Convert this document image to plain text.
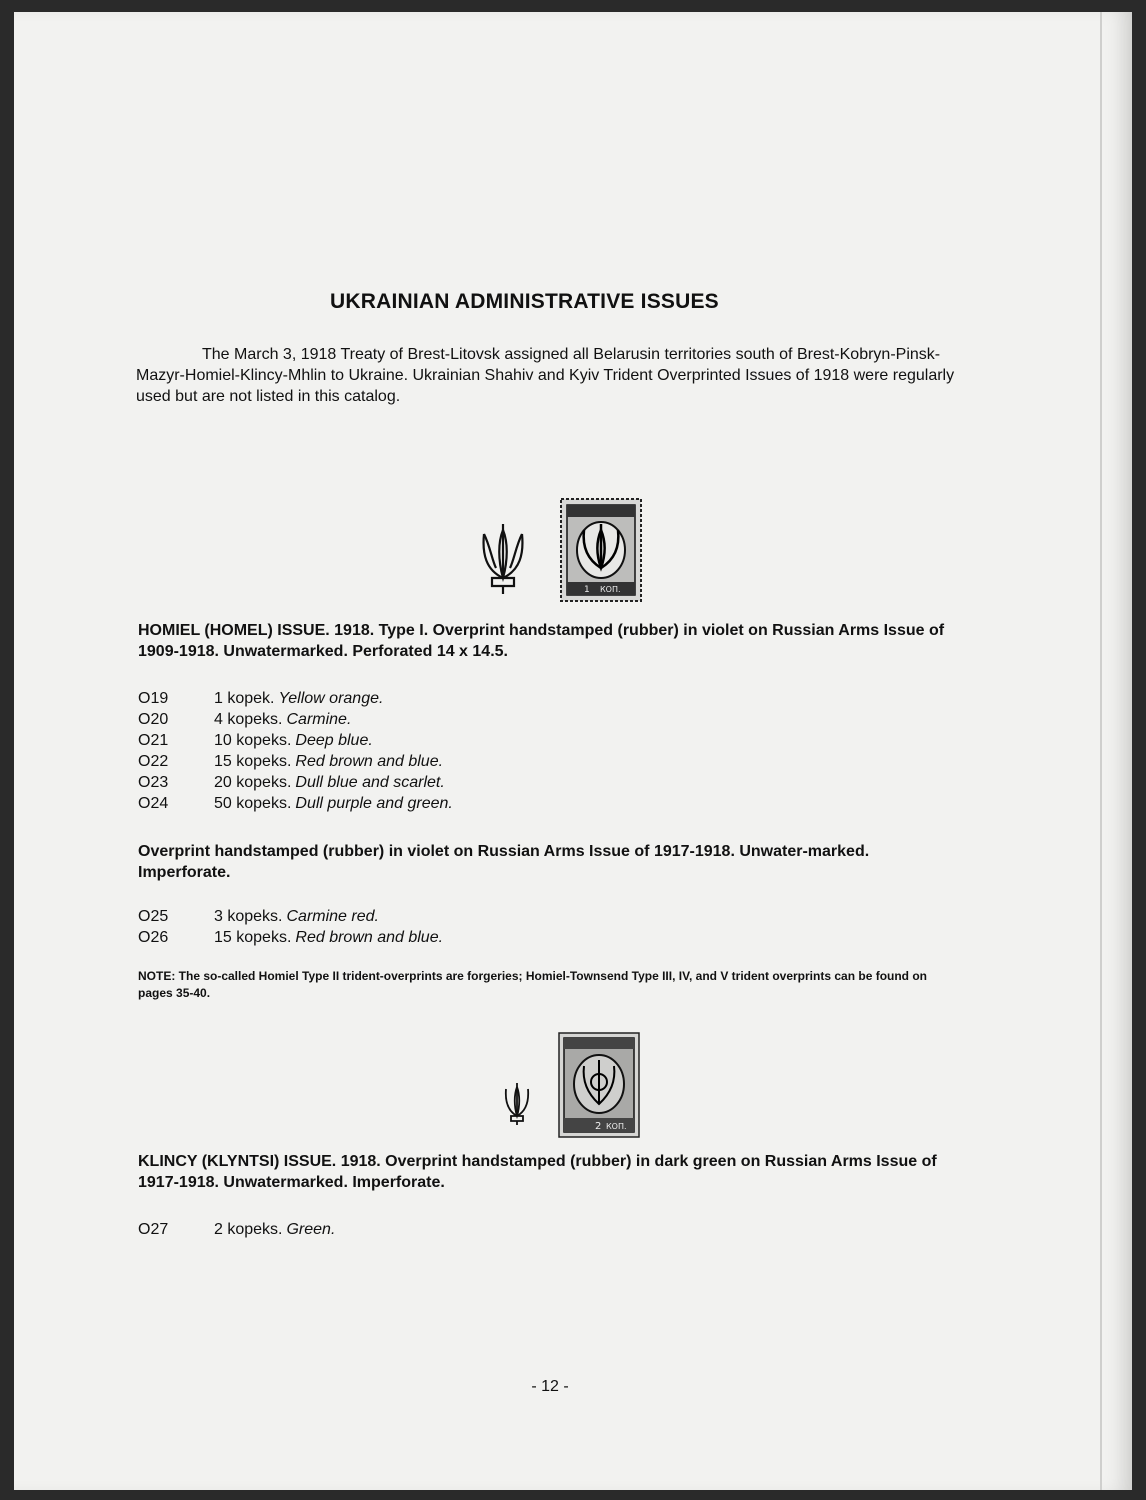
UKRAINIAN ADMINISTRATIVE ISSUES

The March 3, 1918 Treaty of Brest-Litovsk assigned all Belarusin territories south of Brest-Kobryn-Pinsk-Mazyr-Homiel-Klincy-Mhlin to Ukraine. Ukrainian Shahiv and Kyiv Trident Overprinted Issues of 1918 were regularly used but are not listed in this catalog.

1 КОП.

HOMIEL (HOMEL) ISSUE. 1918. Type I. Overprint handstamped (rubber) in violet on Russian Arms Issue of 1909-1918. Unwatermarked. Perforated 14 x 14.5.

O19	1 kopek. Yellow orange.
O20	4 kopeks. Carmine.
O21	10 kopeks. Deep blue.
O22	15 kopeks. Red brown and blue.
O23	20 kopeks. Dull blue and scarlet.
O24	50 kopeks. Dull purple and green.

Overprint handstamped (rubber) in violet on Russian Arms Issue of 1917-1918. Unwater-marked. Imperforate.

O25	3 kopeks. Carmine red.
O26	15 kopeks. Red brown and blue.

NOTE: The so-called Homiel Type II trident-overprints are forgeries; Homiel-Townsend Type III, IV, and V trident overprints can be found on pages 35-40.

2 КОП.

KLINCY (KLYNTSI) ISSUE. 1918. Overprint handstamped (rubber) in dark green on Russian Arms Issue of 1917-1918. Unwatermarked. Imperforate.

O27	2 kopeks. Green.

- 12 -
